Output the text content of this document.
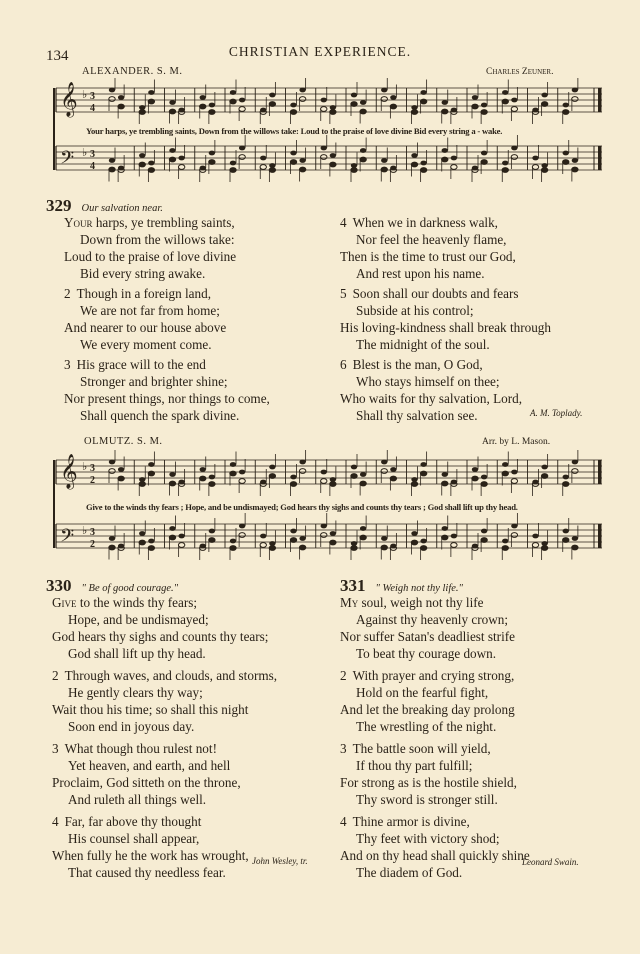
134	CHRISTIAN EXPERIENCE.
ALEXANDER. S. M.	Charles Zeuner.
𝄞 ♭ 3
4
𝄢 ♭ 3
4
Your harps, ye trembling saints, Down from the willows take: Loud to the praise of love divine Bid every string a - wake.
329 Our salvation near.
Your harps, ye trembling saints,
Down from the willows take:
Loud to the praise of love divine
Bid every string awake.
2 Though in a foreign land,
We are not far from home;
And nearer to our house above
We every moment come.
3 His grace will to the end
Stronger and brighter shine;
Nor present things, nor things to come,
Shall quench the spark divine.
4 When we in darkness walk,
Nor feel the heavenly flame,
Then is the time to trust our God,
And rest upon his name.
5 Soon shall our doubts and fears
Subside at his control;
His loving-kindness shall break through
The midnight of the soul.
6 Blest is the man, O God,
Who stays himself on thee;
Who waits for thy salvation, Lord,
Shall thy salvation see.	A. M. Toplady.
OLMUTZ. S. M.	Arr. by L. Mason.
𝄞 ♭ 3
2
𝄢 ♭ 3
2
Give to the winds thy fears ; Hope, and be undismayed; God hears thy sighs and counts thy tears ; God shall lift up thy head.
330 " Be of good courage."
Give to the winds thy fears;
Hope, and be undismayed;
God hears thy sighs and counts thy tears;
God shall lift up thy head.
2 Through waves, and clouds, and storms,
He gently clears thy way;
Wait thou his time; so shall this night
Soon end in joyous day.
3 What though thou rulest not!
Yet heaven, and earth, and hell
Proclaim, God sitteth on the throne,
And ruleth all things well.
4 Far, far above thy thought
His counsel shall appear,
When fully he the work has wrought,
That caused thy needless fear.
John Wesley, tr.
331 " Weigh not thy life."
My soul, weigh not thy life
Against thy heavenly crown;
Nor suffer Satan's deadliest strife
To beat thy courage down.
2 With prayer and crying strong,
Hold on the fearful fight,
And let the breaking day prolong
The wrestling of the night.
3 The battle soon will yield,
If thou thy part fulfill;
For strong as is the hostile shield,
Thy sword is stronger still.
4 Thine armor is divine,
Thy feet with victory shod;
And on thy head shall quickly shine
The diadem of God.
Leonard Swain.
